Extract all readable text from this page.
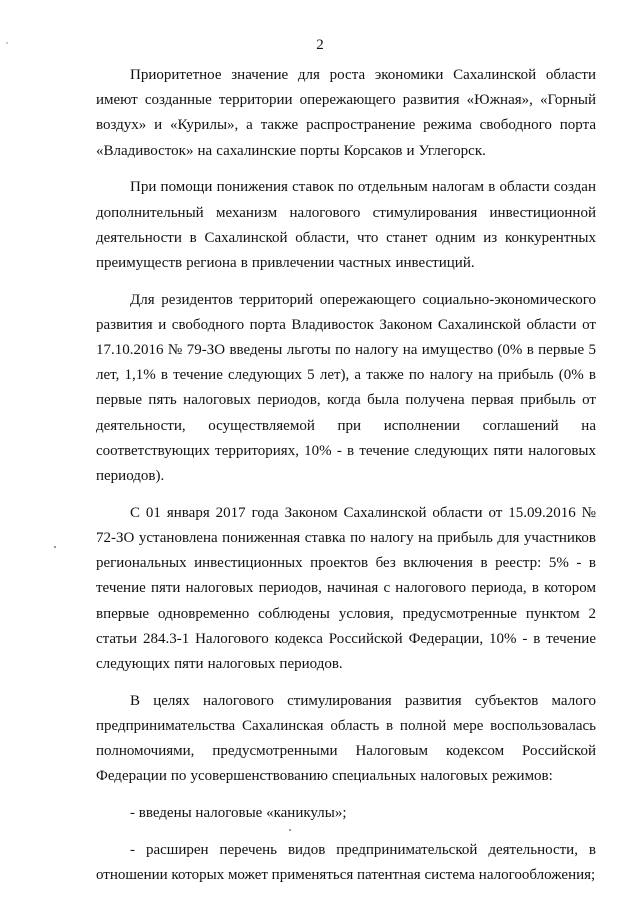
2

Приоритетное значение для роста экономики Сахалинской области имеют созданные территории опережающего развития «Южная», «Горный воздух» и «Курилы», а также распространение режима свободного порта «Владивосток» на сахалинские порты Корсаков и Углегорск.

При помощи понижения ставок по отдельным налогам в области создан дополнительный механизм налогового стимулирования инвестиционной деятельности в Сахалинской области, что станет одним из конкурентных преимуществ региона в привлечении частных инвестиций.

Для резидентов территорий опережающего социально-экономического развития и свободного порта Владивосток Законом Сахалинской области от 17.10.2016 № 79-ЗО введены льготы по налогу на имущество (0% в первые 5 лет, 1,1% в течение следующих 5 лет), а также по налогу на прибыль (0% в первые пять налоговых периодов, когда была получена первая прибыль от деятельности, осуществляемой при исполнении соглашений на соответствующих территориях, 10% - в течение следующих пяти налоговых периодов).

С 01 января 2017 года Законом Сахалинской области от 15.09.2016 № 72-ЗО установлена пониженная ставка по налогу на прибыль для участников региональных инвестиционных проектов без включения в реестр: 5% - в течение пяти налоговых периодов, начиная с налогового периода, в котором впервые одновременно соблюдены условия, предусмотренные пунктом 2 статьи 284.3-1 Налогового кодекса Российской Федерации, 10% - в течение следующих пяти налоговых периодов.

В целях налогового стимулирования развития субъектов малого предпринимательства Сахалинская область в полной мере воспользовалась полномочиями, предусмотренными Налоговым кодексом Российской Федерации по усовершенствованию специальных налоговых режимов:

- введены налоговые «каникулы»;

- расширен перечень видов предпринимательской деятельности, в отношении которых может применяться патентная система налогообложения;
